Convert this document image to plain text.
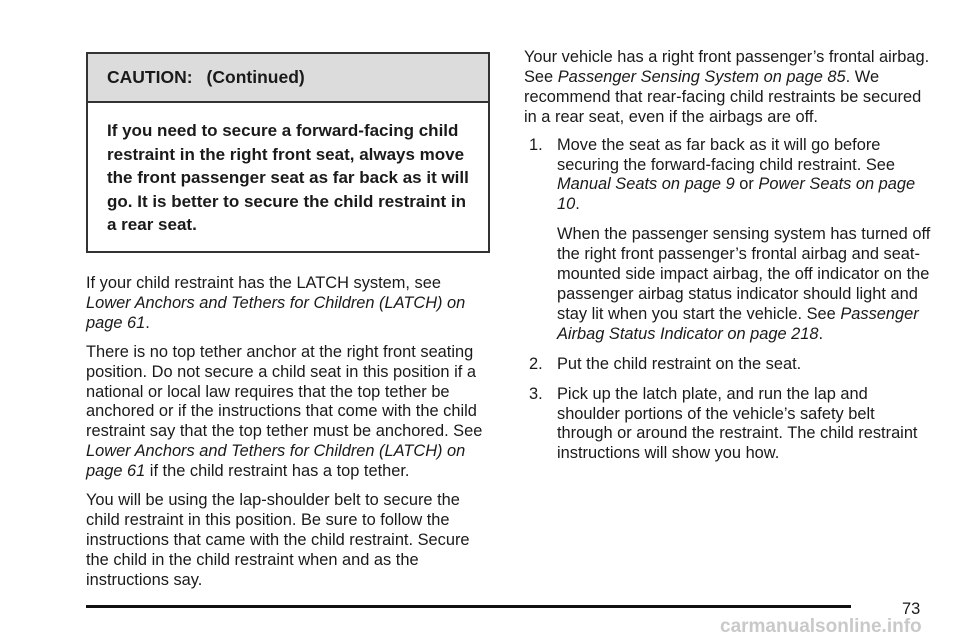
CAUTION: (Continued)
If you need to secure a forward-facing child restraint in the right front seat, always move the front passenger seat as far back as it will go. It is better to secure the child restraint in a rear seat.

If your child restraint has the LATCH system, see Lower Anchors and Tethers for Children (LATCH) on page 61.

There is no top tether anchor at the right front seating position. Do not secure a child seat in this position if a national or local law requires that the top tether be anchored or if the instructions that come with the child restraint say that the top tether must be anchored. See Lower Anchors and Tethers for Children (LATCH) on page 61 if the child restraint has a top tether.

You will be using the lap-shoulder belt to secure the child restraint in this position. Be sure to follow the instructions that came with the child restraint. Secure the child in the child restraint when and as the instructions say.

Your vehicle has a right front passenger’s frontal airbag. See Passenger Sensing System on page 85. We recommend that rear-facing child restraints be secured in a rear seat, even if the airbags are off.

1. Move the seat as far back as it will go before securing the forward-facing child restraint. See Manual Seats on page 9 or Power Seats on page 10.
When the passenger sensing system has turned off the right front passenger’s frontal airbag and seat-mounted side impact airbag, the off indicator on the passenger airbag status indicator should light and stay lit when you start the vehicle. See Passenger Airbag Status Indicator on page 218.
2. Put the child restraint on the seat.
3. Pick up the latch plate, and run the lap and shoulder portions of the vehicle’s safety belt through or around the restraint. The child restraint instructions will show you how.
73
carmanualsonline.info
